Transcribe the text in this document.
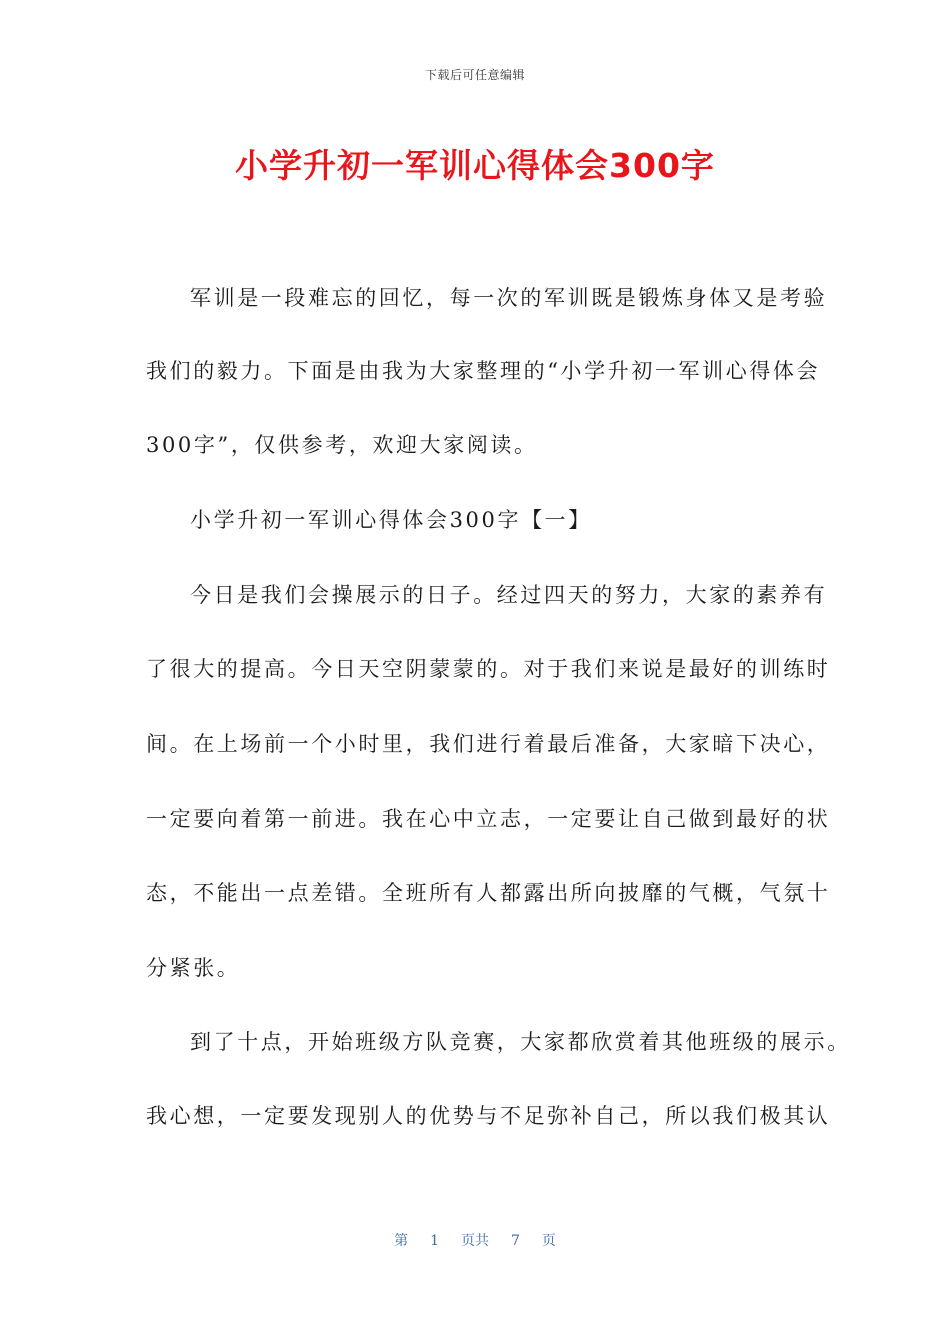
下载后可任意编辑
小学升初一军训心得体会300字
军训是一段难忘的回忆，每一次的军训既是锻炼身体又是考验
我们的毅力。下面是由我为大家整理的“小学升初一军训心得体会
300字”，仅供参考，欢迎大家阅读。
小学升初一军训心得体会300字【一】
今日是我们会操展示的日子。经过四天的努力，大家的素养有
了很大的提高。今日天空阴蒙蒙的。对于我们来说是最好的训练时
间。在上场前一个小时里，我们进行着最后准备，大家暗下决心，
一定要向着第一前进。我在心中立志，一定要让自己做到最好的状
态，不能出一点差错。全班所有人都露出所向披靡的气概，气氛十
分紧张。
到了十点，开始班级方队竞赛，大家都欣赏着其他班级的展示。
我心想，一定要发现别人的优势与不足弥补自己，所以我们极其认
第 1 页共 7 页
